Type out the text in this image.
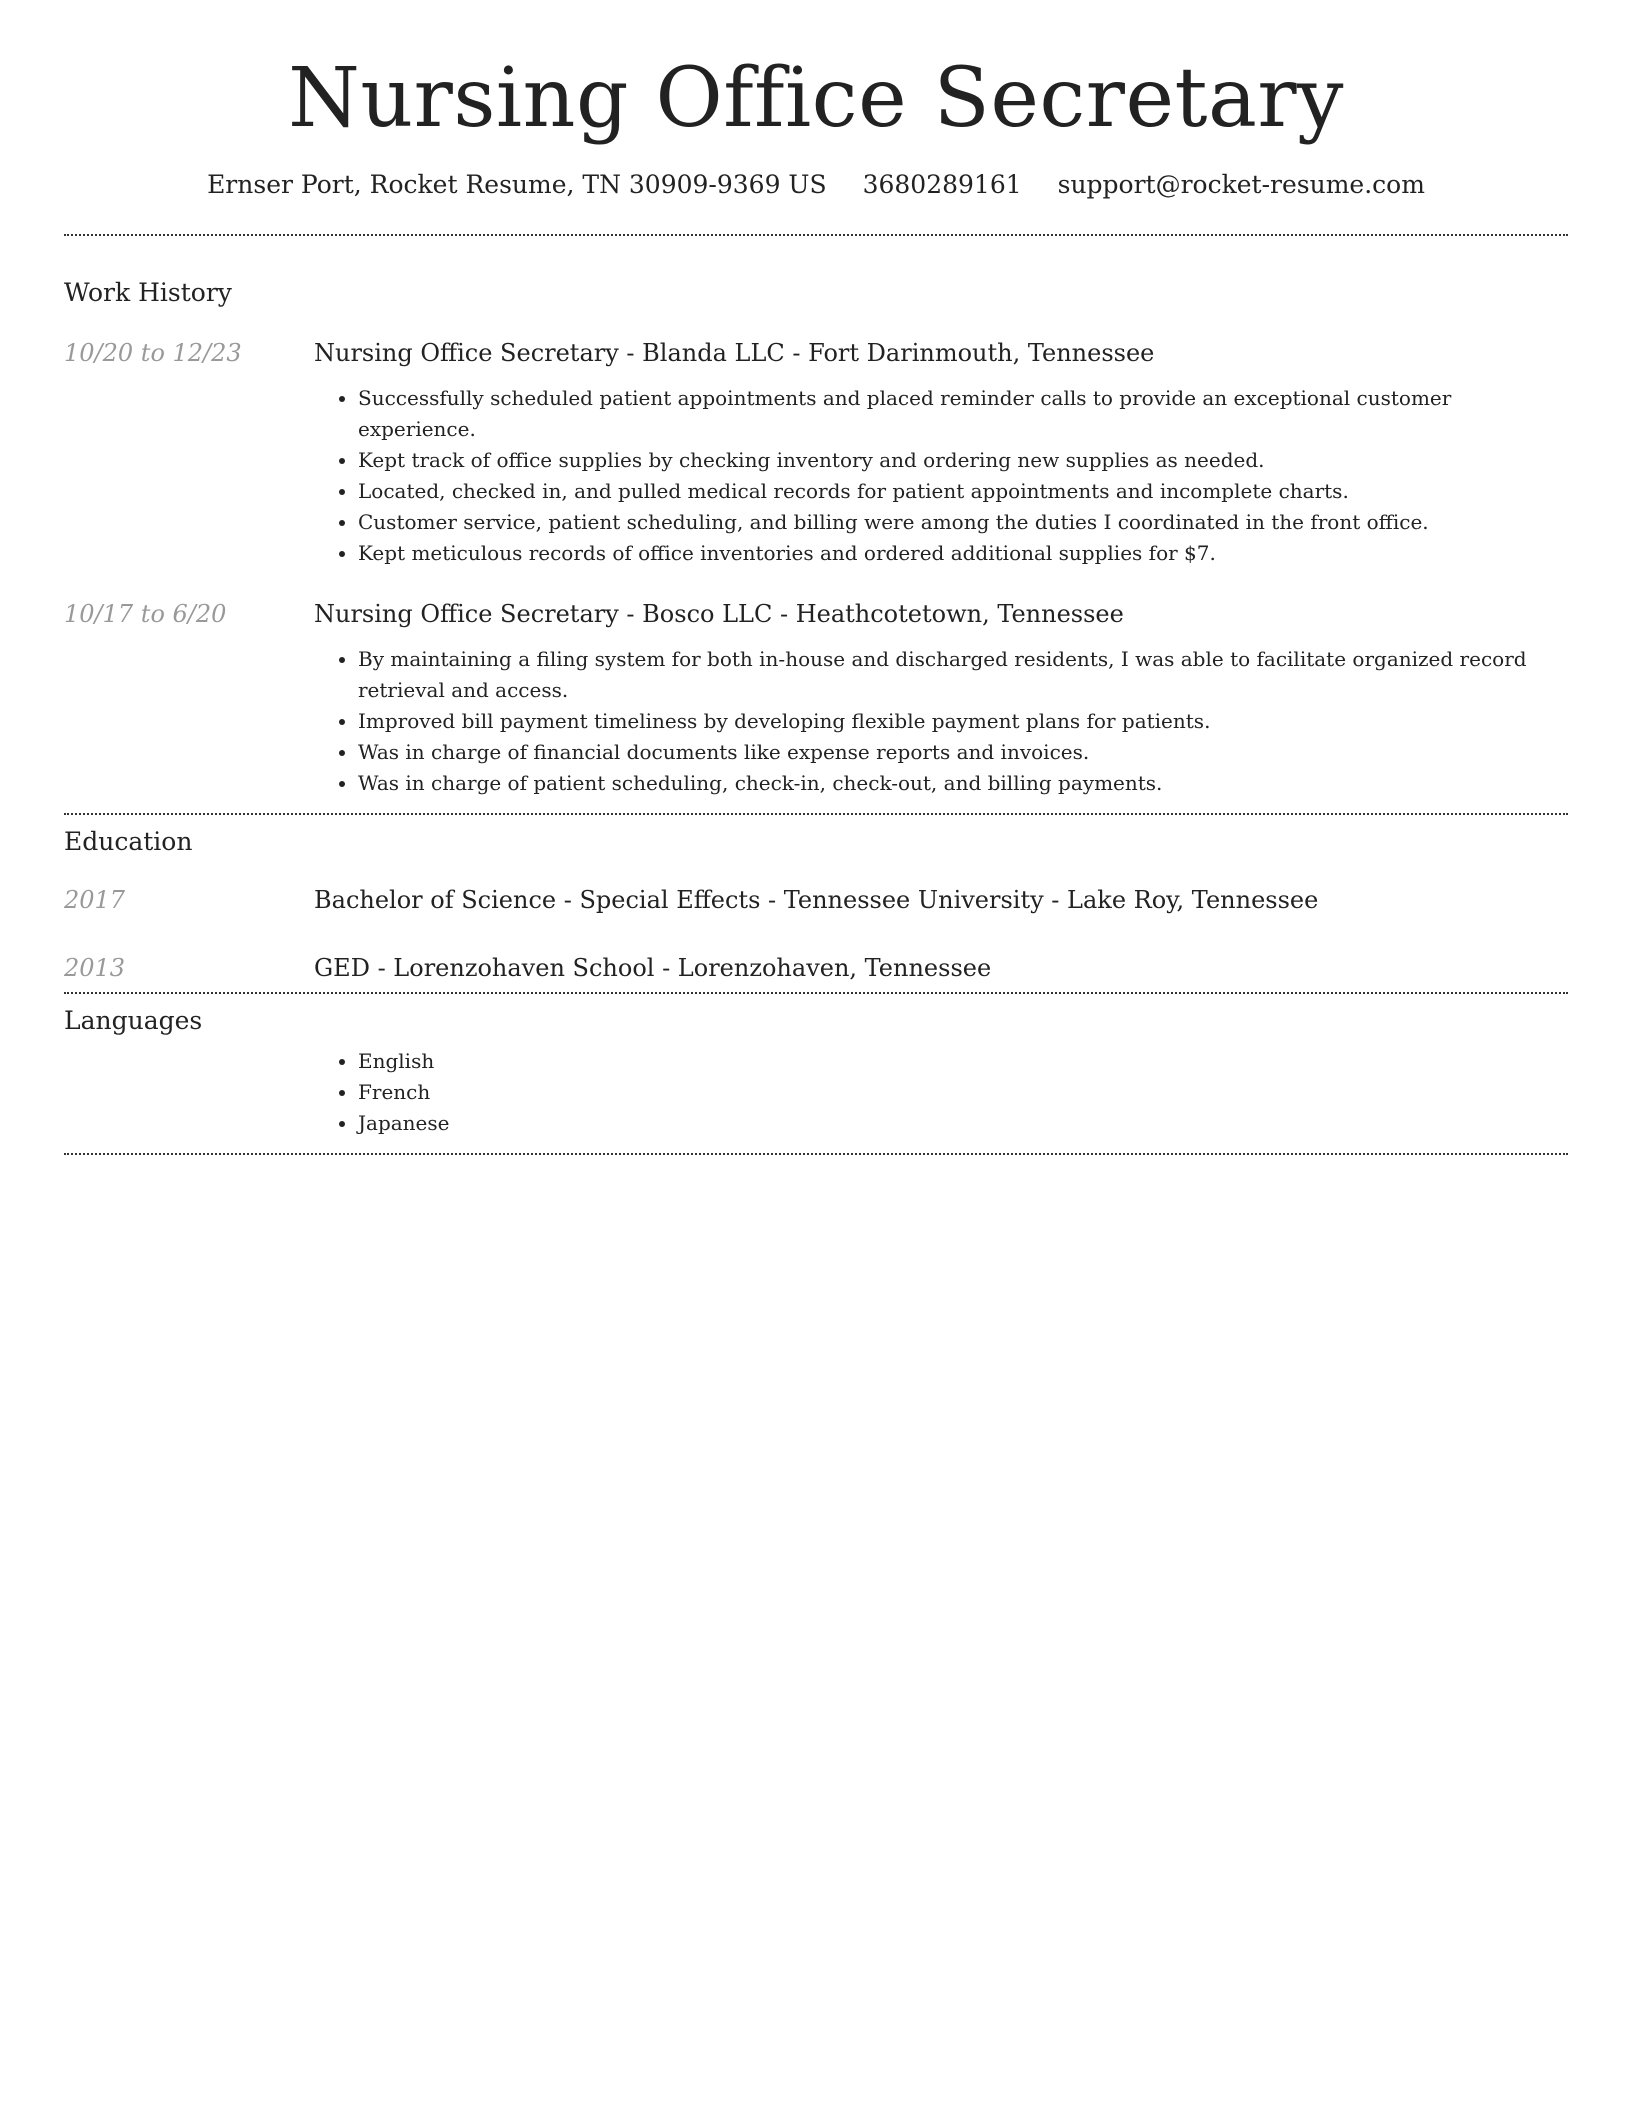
Nursing Office Secretary
Ernser Port, Rocket Resume, TN 30909-9369 US 3680289161 support@rocket-resume.com
Work History
10/20 to 12/23	Nursing Office Secretary - Blanda LLC - Fort Darinmouth, Tennessee
• Successfully scheduled patient appointments and placed reminder calls to provide an exceptional customer experience.
• Kept track of office supplies by checking inventory and ordering new supplies as needed.
• Located, checked in, and pulled medical records for patient appointments and incomplete charts.
• Customer service, patient scheduling, and billing were among the duties I coordinated in the front office.
• Kept meticulous records of office inventories and ordered additional supplies for $7.
10/17 to 6/20	Nursing Office Secretary - Bosco LLC - Heathcotetown, Tennessee
• By maintaining a filing system for both in-house and discharged residents, I was able to facilitate organized record retrieval and access.
• Improved bill payment timeliness by developing flexible payment plans for patients.
• Was in charge of financial documents like expense reports and invoices.
• Was in charge of patient scheduling, check-in, check-out, and billing payments.
Education
2017	Bachelor of Science - Special Effects - Tennessee University - Lake Roy, Tennessee
2013	GED - Lorenzohaven School - Lorenzohaven, Tennessee
Languages
• English
• French
• Japanese
